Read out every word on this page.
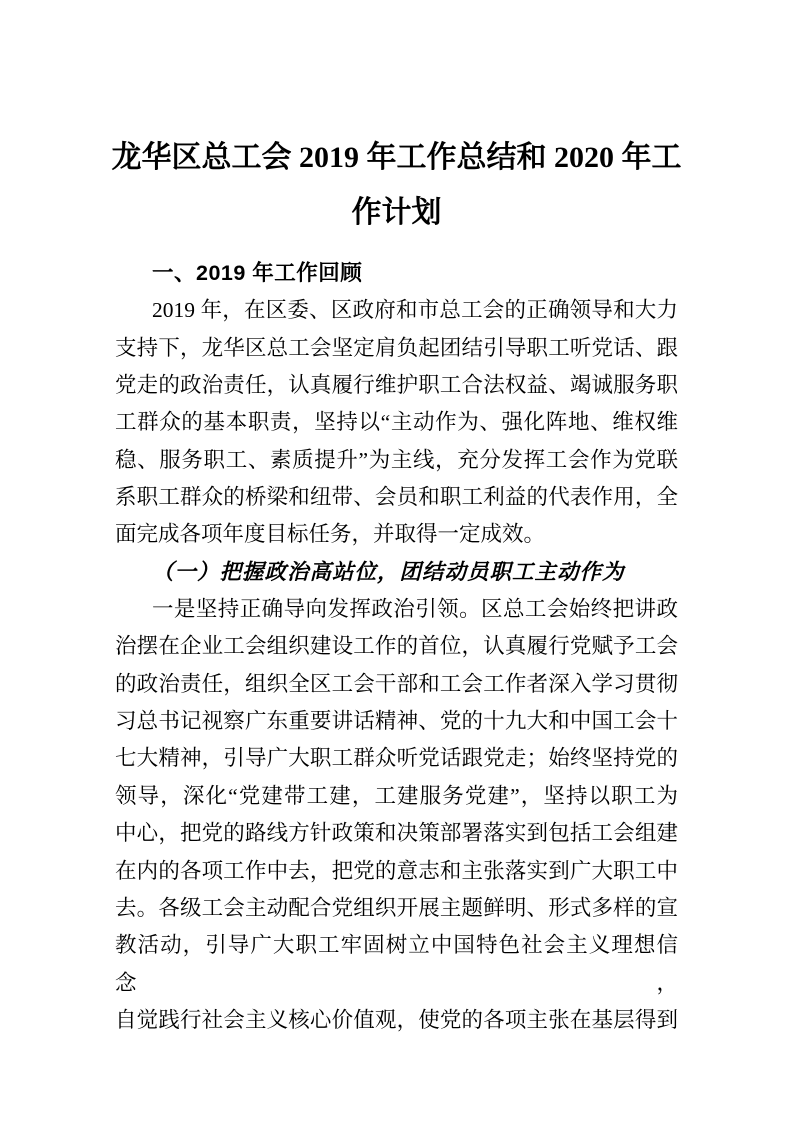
龙华区总工会 2019 年工作总结和 2020 年工
作计划
一、2019 年工作回顾
2019 年，在区委、区政府和市总工会的正确领导和大力
支持下，龙华区总工会坚定肩负起团结引导职工听党话、跟
党走的政治责任，认真履行维护职工合法权益、竭诚服务职
工群众的基本职责，坚持以“主动作为、强化阵地、维权维
稳、服务职工、素质提升”为主线，充分发挥工会作为党联
系职工群众的桥梁和纽带、会员和职工利益的代表作用，全
面完成各项年度目标任务，并取得一定成效。
（一）把握政治高站位，团结动员职工主动作为
一是坚持正确导向发挥政治引领。区总工会始终把讲政
治摆在企业工会组织建设工作的首位，认真履行党赋予工会
的政治责任，组织全区工会干部和工会工作者深入学习贯彻
习总书记视察广东重要讲话精神、党的十九大和中国工会十
七大精神，引导广大职工群众听党话跟党走；始终坚持党的
领导，深化“党建带工建，工建服务党建”，坚持以职工为
中心，把党的路线方针政策和决策部署落实到包括工会组建
在内的各项工作中去，把党的意志和主张落实到广大职工中
去。各级工会主动配合党组织开展主题鲜明、形式多样的宣
教活动，引导广大职工牢固树立中国特色社会主义理想信念，
自觉践行社会主义核心价值观，使党的各项主张在基层得到
